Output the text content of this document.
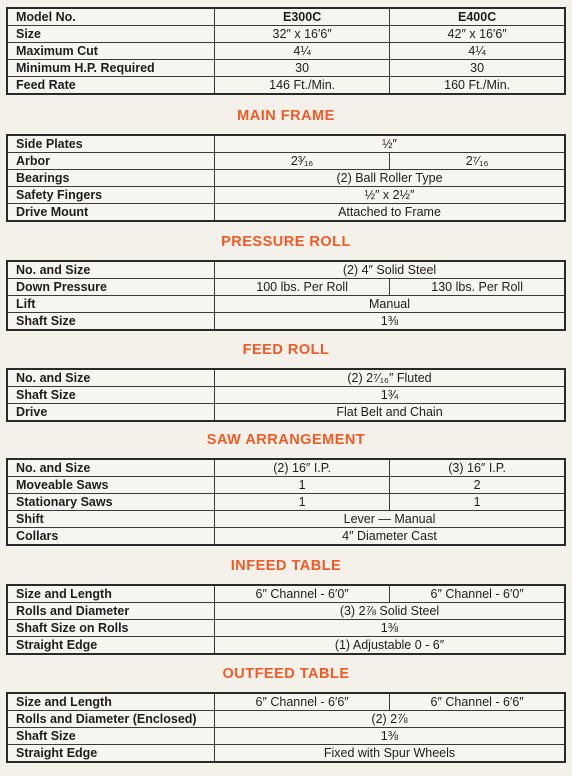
Model No.	E300C	E400C
Size	32″ x 16′6″	42″ x 16′6″
Maximum Cut	4¼	4¼
Minimum H.P. Required	30	30
Feed Rate	146 Ft./Min.	160 Ft./Min.
MAIN FRAME
Side Plates	½″	
Arbor	2³⁄₁₆	2⁷⁄₁₆
Bearings	(2) Ball Roller Type	
Safety Fingers	½″ x 2½″	
Drive Mount	Attached to Frame	
PRESSURE ROLL
No. and Size	(2) 4″ Solid Steel	
Down Pressure	100 lbs. Per Roll	130 lbs. Per Roll
Lift	Manual	
Shaft Size	1⅜	
FEED ROLL
No. and Size	(2) 2⁷⁄₁₆″ Fluted
Shaft Size	1¾
Drive	Flat Belt and Chain
SAW ARRANGEMENT
No. and Size	(2) 16″ I.P.	(3) 16″ I.P.
Moveable Saws	1	2
Stationary Saws	1	1
Shift	Lever — Manual	
Collars	4″ Diameter Cast	
INFEED TABLE
Size and Length	6″ Channel - 6′0″	6″ Channel - 6′0″
Rolls and Diameter	(3) 2⅞ Solid Steel	
Shaft Size on Rolls	1⅜	
Straight Edge	(1) Adjustable 0 - 6″	
OUTFEED TABLE
Size and Length	6″ Channel - 6′6″	6″ Channel - 6′6″
Rolls and Diameter (Enclosed)	(2) 2⅞	
Shaft Size	1⅜	
Straight Edge	Fixed with Spur Wheels	
